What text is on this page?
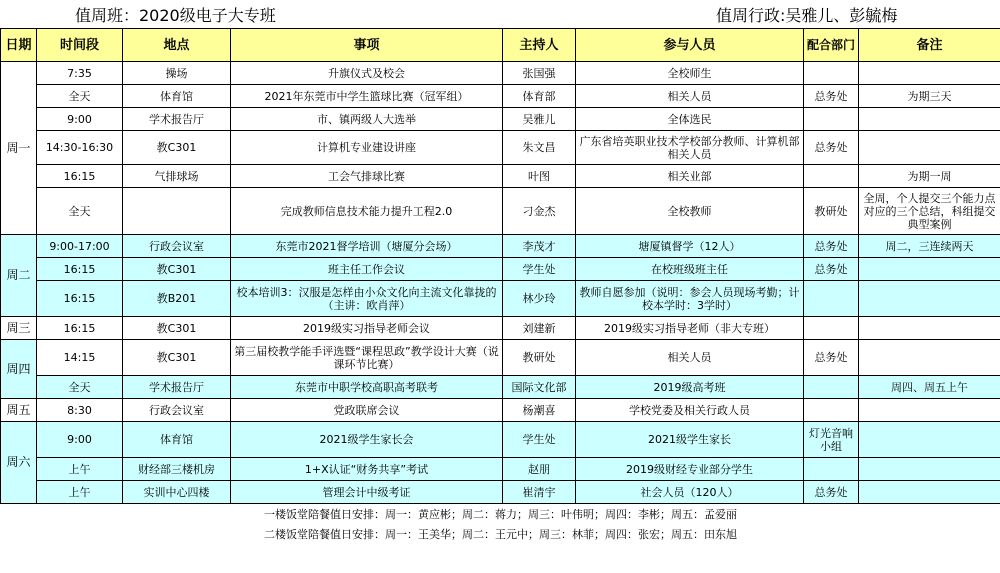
值周班：2020级电子大专班	值周行政:吴雅儿、彭毓梅
日期	时间段	地点	事项	主持人	参与人员	配合部门	备注
周一	7:35	操场	升旗仪式及校会	张国强	全校师生		
	全天	体育馆	2021年东莞市中学生篮球比赛（冠军组）	体育部	相关人员	总务处	为期三天
	9:00	学术报告厅	市、镇两级人大选举	吴雅儿	全体选民		
	14:30-16:30	教C301	计算机专业建设讲座	朱文昌	广东省培英职业技术学校部分教师、计算机部相关人员	总务处	
	16:15	气排球场	工会气排球比赛	叶图	相关业部		为期一周
	全天		完成教师信息技术能力提升工程2.0	刁金杰	全校教师	教研处	全周，个人提交三个能力点对应的三个总结，科组提交典型案例
周二	9:00-17:00	行政会议室	东莞市2021督学培训（塘厦分会场）	李茂才	塘厦镇督学（12人）	总务处	周二，三连续两天
	16:15	教C301	班主任工作会议	学生处	在校班级班主任	总务处	
	16:15	教B201	校本培训3：汉服是怎样由小众文化向主流文化靠拢的（主讲：欧肖萍）	林少玲	教师自愿参加（说明：参会人员现场考勤；计校本学时：3学时）		
周三	16:15	教C301	2019级实习指导老师会议	刘建新	2019级实习指导老师（非大专班）		
周四	14:15	教C301	第三届校教学能手评选暨“课程思政”教学设计大赛（说课环节比赛）	教研处	相关人员	总务处	
	全天	学术报告厅	东莞市中职学校高职高考联考	国际文化部	2019级高考班		周四、周五上午
周五	8:30	行政会议室	党政联席会议	杨潮喜	学校党委及相关行政人员		
周六	9:00	体育馆	2021级学生家长会	学生处	2021级学生家长	灯光音响小组	
	上午	财经部三楼机房	1+X认证“财务共享”考试	赵朋	2019级财经专业部分学生		
	上午	实训中心四楼	管理会计中级考证	崔清宇	社会人员（120人）	总务处	
一楼饭堂陪餐值日安排：周一：黄应彬；周二：蒋力；周三：叶伟明；周四：李彬；周五：孟爱丽							
二楼饭堂陪餐值日安排：周一：王美华；周二：王元中；周三：林菲；周四：张宏；周五：田东旭							
